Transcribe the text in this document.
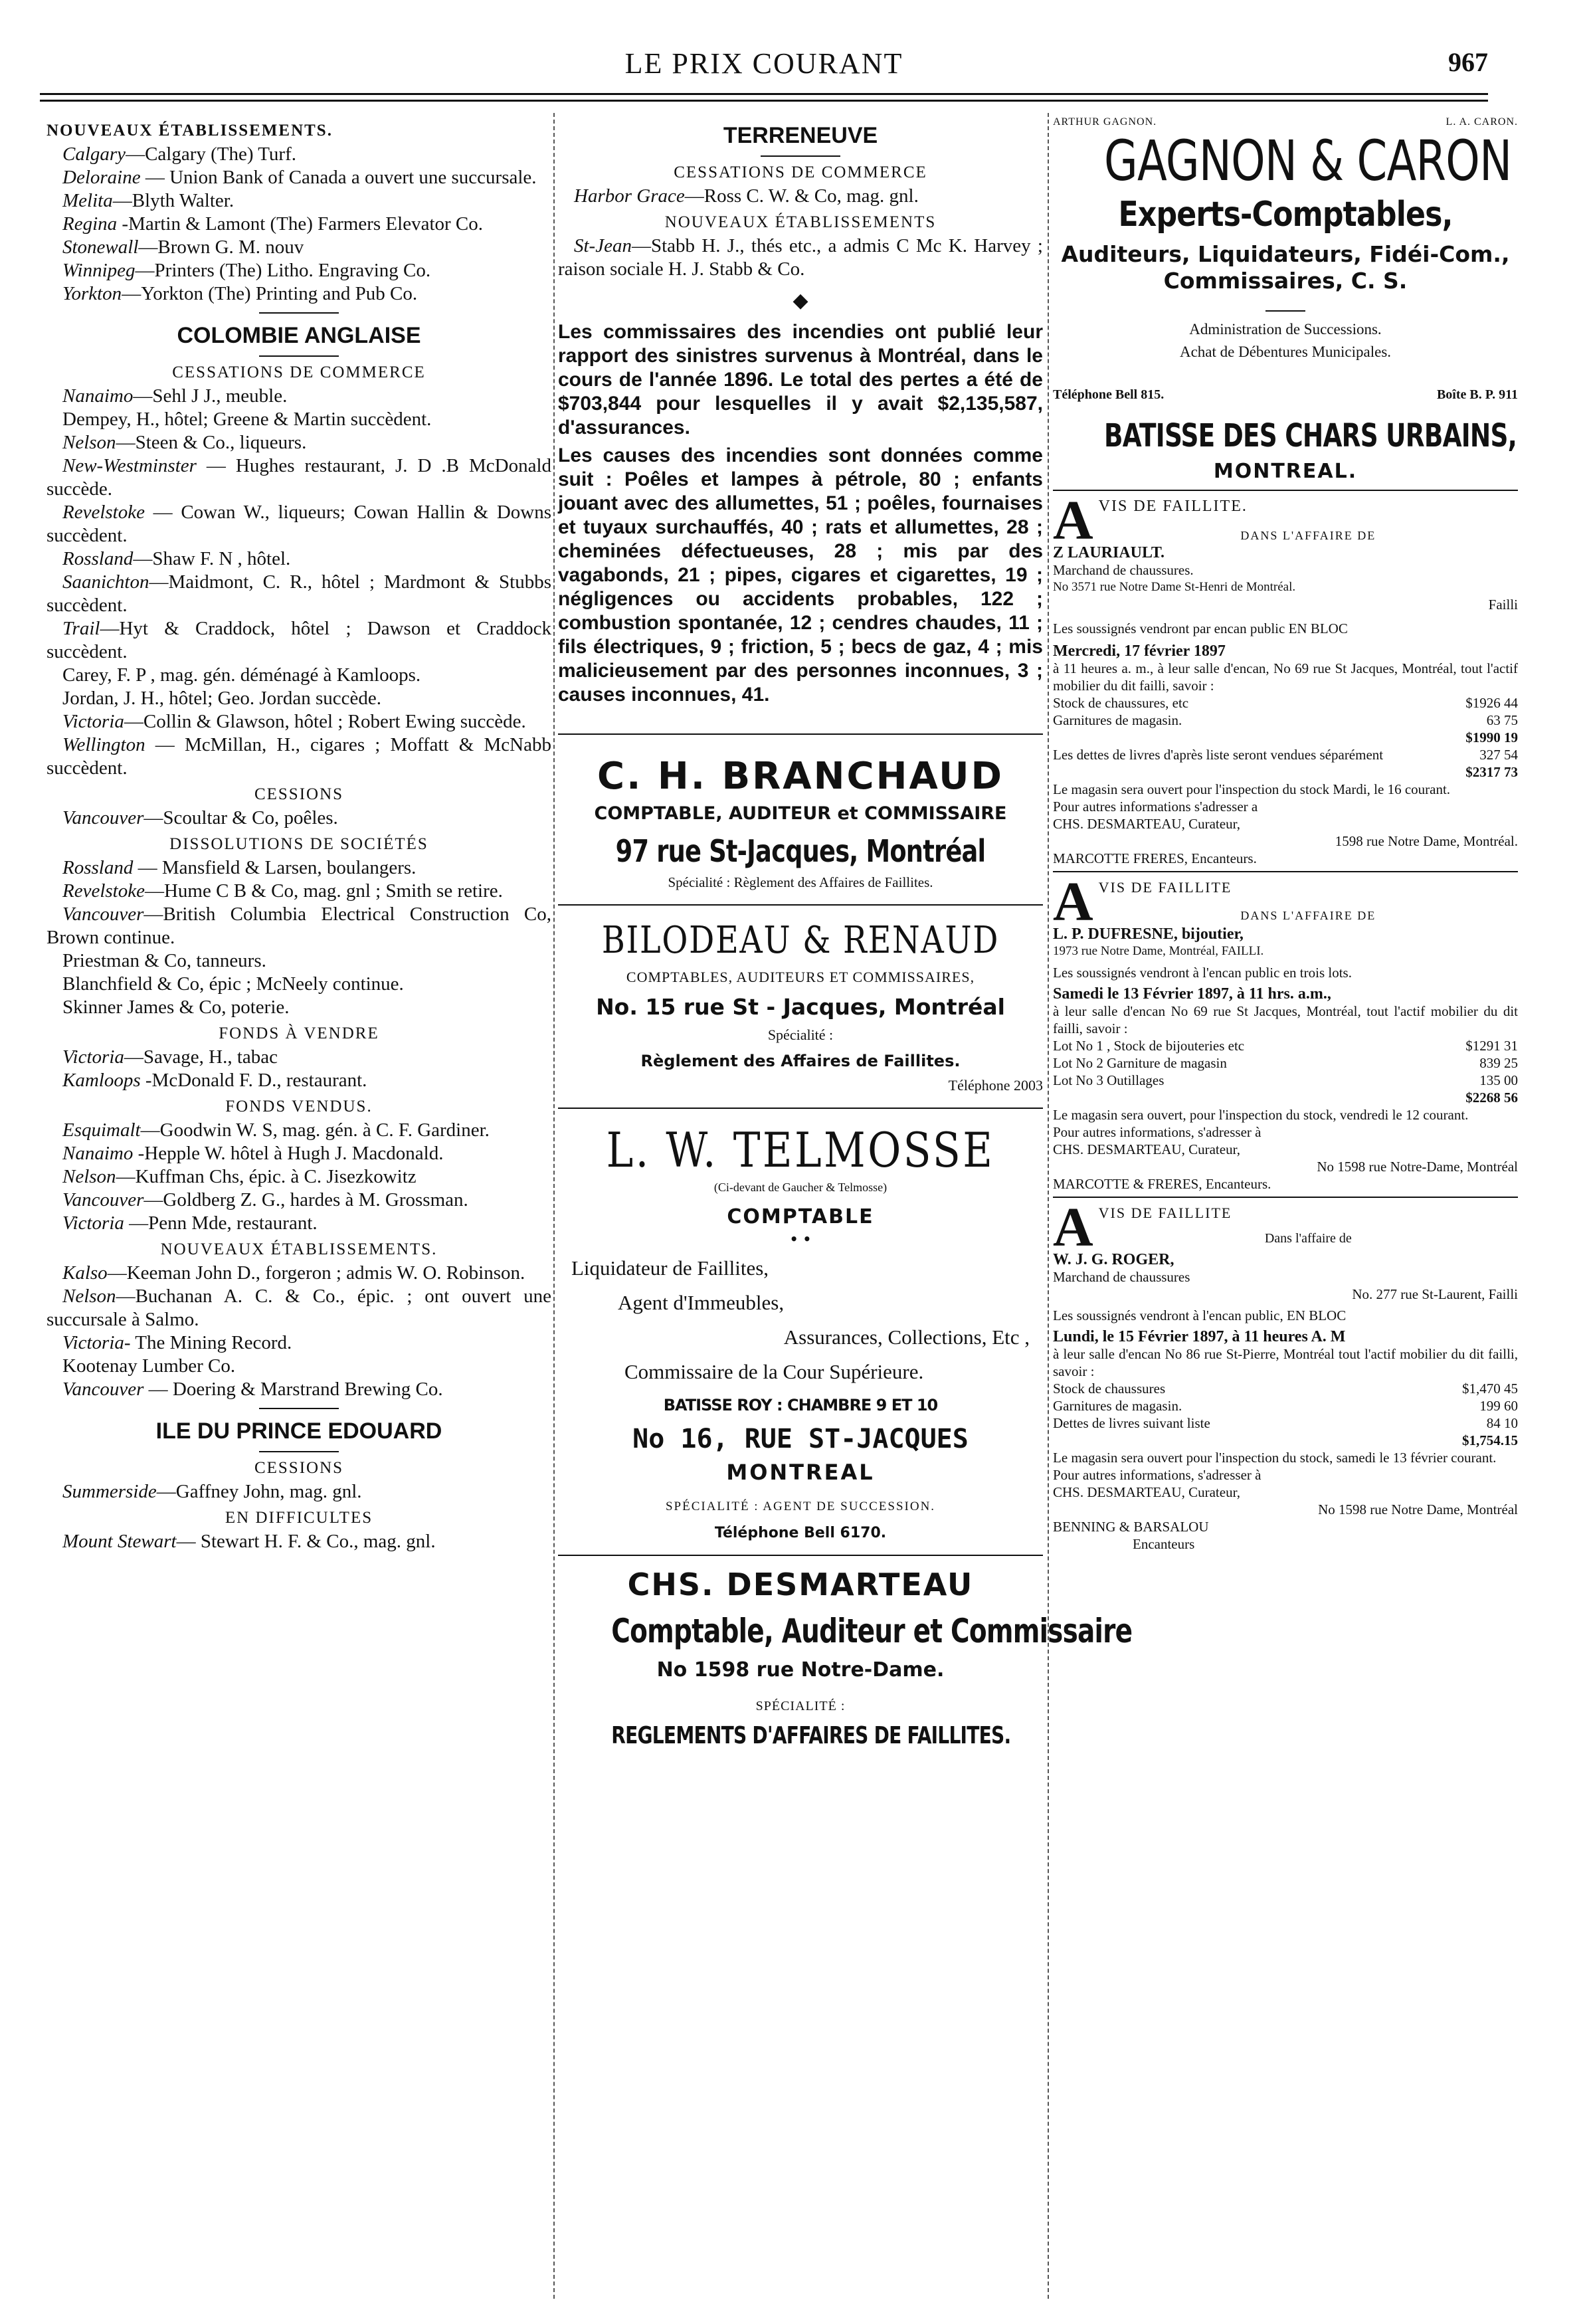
LE PRIX COURANT	967
NOUVEAUX ÉTABLISSEMENTS.

Calgary—Calgary (The) Turf.

Deloraine — Union Bank of Canada a ouvert une succursale.

Melita—Blyth Walter.

Regina -Martin & Lamont (The) Farmers Elevator Co.

Stonewall—Brown G. M. nouv

Winnipeg—Printers (The) Litho. Engraving Co.

Yorkton—Yorkton (The) Printing and Pub Co.

COLOMBIE ANGLAISE
CESSATIONS DE COMMERCE

Nanaimo—Sehl J J., meuble.

Dempey, H., hôtel; Greene & Martin succèdent.

Nelson—Steen & Co., liqueurs.

New-Westminster — Hughes restaurant, J. D .B McDonald succède.

Revelstoke — Cowan W., liqueurs; Cowan Hallin & Downs succèdent.

Rossland—Shaw F. N , hôtel.

Saanichton—Maidmont, C. R., hôtel ; Mardmont & Stubbs succèdent.

Trail—Hyt & Craddock, hôtel ; Dawson et Craddock succèdent.

Carey, F. P , mag. gén. déménagé à Kamloops.

Jordan, J. H., hôtel; Geo. Jordan succède.

Victoria—Collin & Glawson, hôtel ; Robert Ewing succède.

Wellington — McMillan, H., cigares ; Moffatt & McNabb succèdent.

CESSIONS

Vancouver—Scoultar & Co, poêles.

DISSOLUTIONS DE SOCIÉTÉS

Rossland — Mansfield & Larsen, boulangers.

Revelstoke—Hume C B & Co, mag. gnl ; Smith se retire.

Vancouver—British Columbia Electrical Construction Co, Brown continue.

Priestman & Co, tanneurs.

Blanchfield & Co, épic ; McNeely continue.

Skinner James & Co, poterie.

FONDS À VENDRE

Victoria—Savage, H., tabac

Kamloops -McDonald F. D., restaurant.

FONDS VENDUS.

Esquimalt—Goodwin W. S, mag. gén. à C. F. Gardiner.

Nanaimo -Hepple W. hôtel à Hugh J. Macdonald.

Nelson—Kuffman Chs, épic. à C. Jisezkowitz

Vancouver—Goldberg Z. G., hardes à M. Grossman.

Victoria —Penn Mde, restaurant.

NOUVEAUX ÉTABLISSEMENTS.

Kalso—Keeman John D., forgeron ; admis W. O. Robinson.

Nelson—Buchanan A. C. & Co., épic. ; ont ouvert une succursale à Salmo.

Victoria- The Mining Record.

Kootenay Lumber Co.

Vancouver — Doering & Marstrand Brewing Co.

ILE DU PRINCE EDOUARD
CESSIONS

Summerside—Gaffney John, mag. gnl.

EN DIFFICULTES

Mount Stewart— Stewart H. F. & Co., mag. gnl.

TERRENEUVE
CESSATIONS DE COMMERCE

Harbor Grace—Ross C. W. & Co, mag. gnl.

NOUVEAUX ÉTABLISSEMENTS

St-Jean—Stabb H. J., thés etc., a admis C Mc K. Harvey ; raison sociale H. J. Stabb & Co.

◆

Les commissaires des incendies ont publié leur rapport des sinistres survenus à Montréal, dans le cours de l'année 1896. Le total des pertes a été de $703,844 pour lesquelles il y avait $2,135,587, d'assurances.

Les causes des incendies sont données comme suit : Poêles et lampes à pétrole, 80 ; enfants jouant avec des allumettes, 51 ; poêles, fournaises et tuyaux surchauffés, 40 ; rats et allumettes, 28 ; cheminées défectueuses, 28 ; mis par des vagabonds, 21 ; pipes, cigares et cigarettes, 19 ; négligences ou accidents probables, 122 ; combustion spontanée, 12 ; cendres chaudes, 11 ; fils électriques, 9 ; friction, 5 ; becs de gaz, 4 ; mis malicieusement par des personnes inconnues, 3 ; causes inconnues, 41.

C. H. BRANCHAUD
COMPTABLE, AUDITEUR et COMMISSAIRE
97 rue St-Jacques, Montréal
Spécialité : Règlement des Affaires de Faillites.
BILODEAU & RENAUD
COMPTABLES, AUDITEURS ET COMMISSAIRES,
No. 15 rue St - Jacques, Montréal
Spécialité :
Règlement des Affaires de Faillites.
Téléphone 2003
L. W. TELMOSSE
(Ci-devant de Gaucher & Telmosse)
COMPTABLE
• •
Liquidateur de Faillites,
Agent d'Immeubles,
Assurances, Collections, Etc ,
Commissaire de la Cour Supérieure.
BATISSE ROY : CHAMBRE 9 ET 10
No 16, RUE ST-JACQUES
MONTREAL
SPÉCIALITÉ : AGENT DE SUCCESSION.
Téléphone Bell 6170.
CHS. DESMARTEAU
Comptable, Auditeur et Commissaire
No 1598 rue Notre-Dame.
SPÉCIALITÉ :
REGLEMENTS D'AFFAIRES DE FAILLITES.
ARTHUR GAGNON.	L. A. CARON.
GAGNON & CARON
Experts-Comptables,
Auditeurs, Liquidateurs, Fidéi-Com., Commissaires, C. S.
Administration de Successions.
Achat de Débentures Municipales.
Téléphone Bell 815.	Boîte B. P. 911
BATISSE DES CHARS URBAINS,
MONTREAL.
A VIS DE FAILLITE.
DANS L'AFFAIRE DE
Z LAURIAULT.
Marchand de chaussures.
No 3571 rue Notre Dame St-Henri de Montréal.
Failli
Les soussignés vendront par encan public EN BLOC
Mercredi, 17 février 1897
à 11 heures a. m., à leur salle d'encan, No 69 rue St Jacques, Montréal, tout l'actif mobilier du dit failli, savoir :
Stock de chaussures, etc	$1926 44
Garnitures de magasin.	63 75
$1990 19
Les dettes de livres d'après liste seront vendues séparément	327 54
$2317 73
Le magasin sera ouvert pour l'inspection du stock Mardi, le 16 courant.
Pour autres informations s'adresser a
CHS. DESMARTEAU, Curateur,
1598 rue Notre Dame, Montréal.
MARCOTTE FRERES, Encanteurs.
A VIS DE FAILLITE
DANS L'AFFAIRE DE
L. P. DUFRESNE, bijoutier,
1973 rue Notre Dame, Montréal, FAILLI.
Les soussignés vendront à l'encan public en trois lots.
Samedi le 13 Février 1897, à 11 hrs. a.m.,
à leur salle d'encan No 69 rue St Jacques, Montréal, tout l'actif mobilier du dit failli, savoir :
Lot No 1 , Stock de bijouteries etc	$1291 31
Lot No 2 Garniture de magasin	839 25
Lot No 3 Outillages	135 00
$2268 56
Le magasin sera ouvert, pour l'inspection du stock, vendredi le 12 courant.
Pour autres informations, s'adresser à
CHS. DESMARTEAU, Curateur,
No 1598 rue Notre-Dame, Montréal
MARCOTTE & FRERES, Encanteurs.
A VIS DE FAILLITE
Dans l'affaire de
W. J. G. ROGER,
Marchand de chaussures
No. 277 rue St-Laurent, Failli
Les soussignés vendront à l'encan public, EN BLOC
Lundi, le 15 Février 1897, à 11 heures A. M
à leur salle d'encan No 86 rue St-Pierre, Montréal tout l'actif mobilier du dit failli, savoir :
Stock de chaussures	$1,470 45
Garnitures de magasin.	199 60
Dettes de livres suivant liste	84 10
$1,754.15
Le magasin sera ouvert pour l'inspection du stock, samedi le 13 février courant.
Pour autres informations, s'adresser à
CHS. DESMARTEAU, Curateur,
No 1598 rue Notre Dame, Montréal
BENNING & BARSALOU
Encanteurs
